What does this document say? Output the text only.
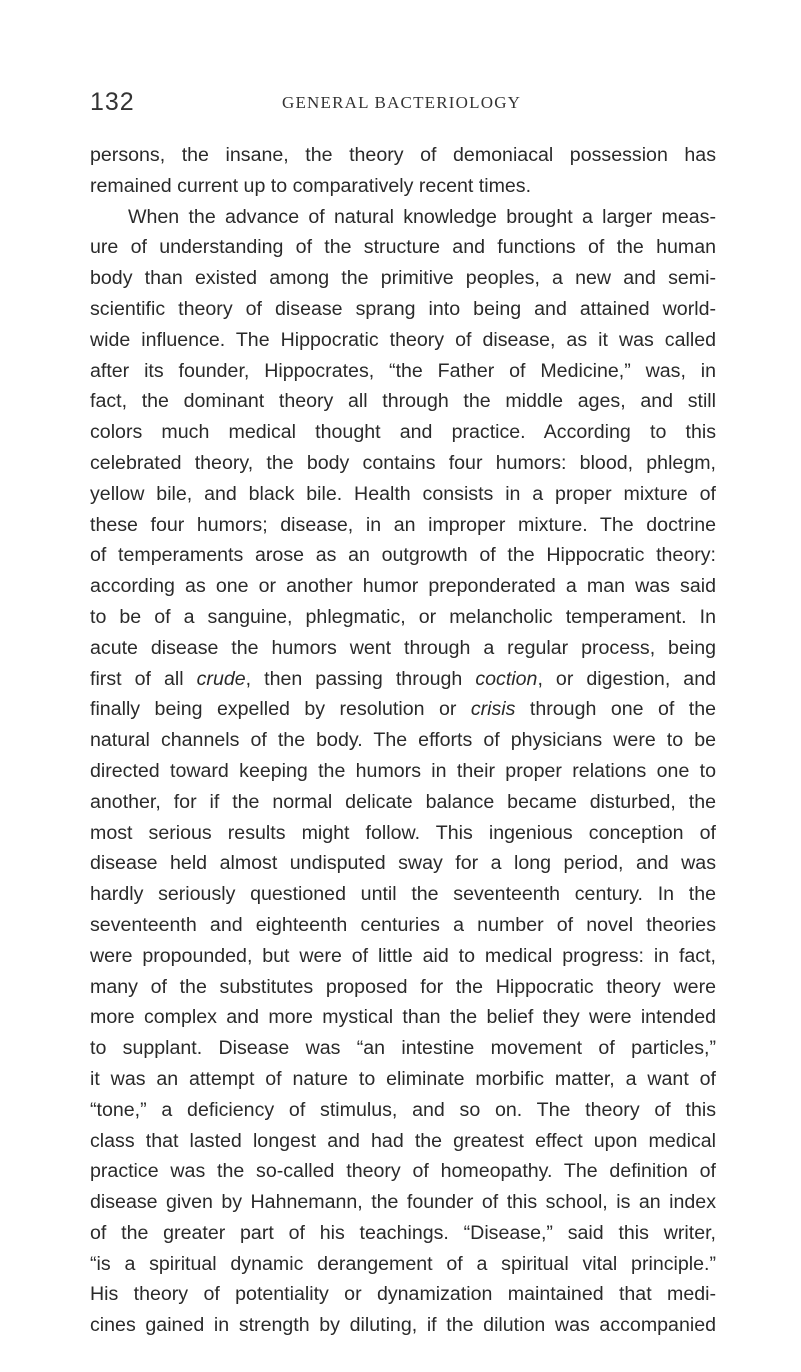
132	GENERAL BACTERIOLOGY
persons, the insane, the theory of demoniacal possession has
remained current up to comparatively recent times.
When the advance of natural knowledge brought a larger meas-
ure of understanding of the structure and functions of the human
body than existed among the primitive peoples, a new and semi-
scientific theory of disease sprang into being and attained world-
wide influence. The Hippocratic theory of disease, as it was called
after its founder, Hippocrates, “the Father of Medicine,” was, in
fact, the dominant theory all through the middle ages, and still
colors much medical thought and practice. According to this
celebrated theory, the body contains four humors: blood, phlegm,
yellow bile, and black bile. Health consists in a proper mixture of
these four humors; disease, in an improper mixture. The doctrine
of temperaments arose as an outgrowth of the Hippocratic theory:
according as one or another humor preponderated a man was said
to be of a sanguine, phlegmatic, or melancholic temperament. In
acute disease the humors went through a regular process, being
first of all crude, then passing through coction, or digestion, and
finally being expelled by resolution or crisis through one of the
natural channels of the body. The efforts of physicians were to be
directed toward keeping the humors in their proper relations one to
another, for if the normal delicate balance became disturbed, the
most serious results might follow. This ingenious conception of
disease held almost undisputed sway for a long period, and was
hardly seriously questioned until the seventeenth century. In the
seventeenth and eighteenth centuries a number of novel theories
were propounded, but were of little aid to medical progress: in fact,
many of the substitutes proposed for the Hippocratic theory were
more complex and more mystical than the belief they were intended
to supplant. Disease was “an intestine movement of particles,”
it was an attempt of nature to eliminate morbific matter, a want of
“tone,” a deficiency of stimulus, and so on. The theory of this
class that lasted longest and had the greatest effect upon medical
practice was the so-called theory of homeopathy. The definition of
disease given by Hahnemann, the founder of this school, is an index
of the greater part of his teachings. “Disease,” said this writer,
“is a spiritual dynamic derangement of a spiritual vital principle.”
His theory of potentiality or dynamization maintained that medi-
cines gained in strength by diluting, if the dilution was accompanied
